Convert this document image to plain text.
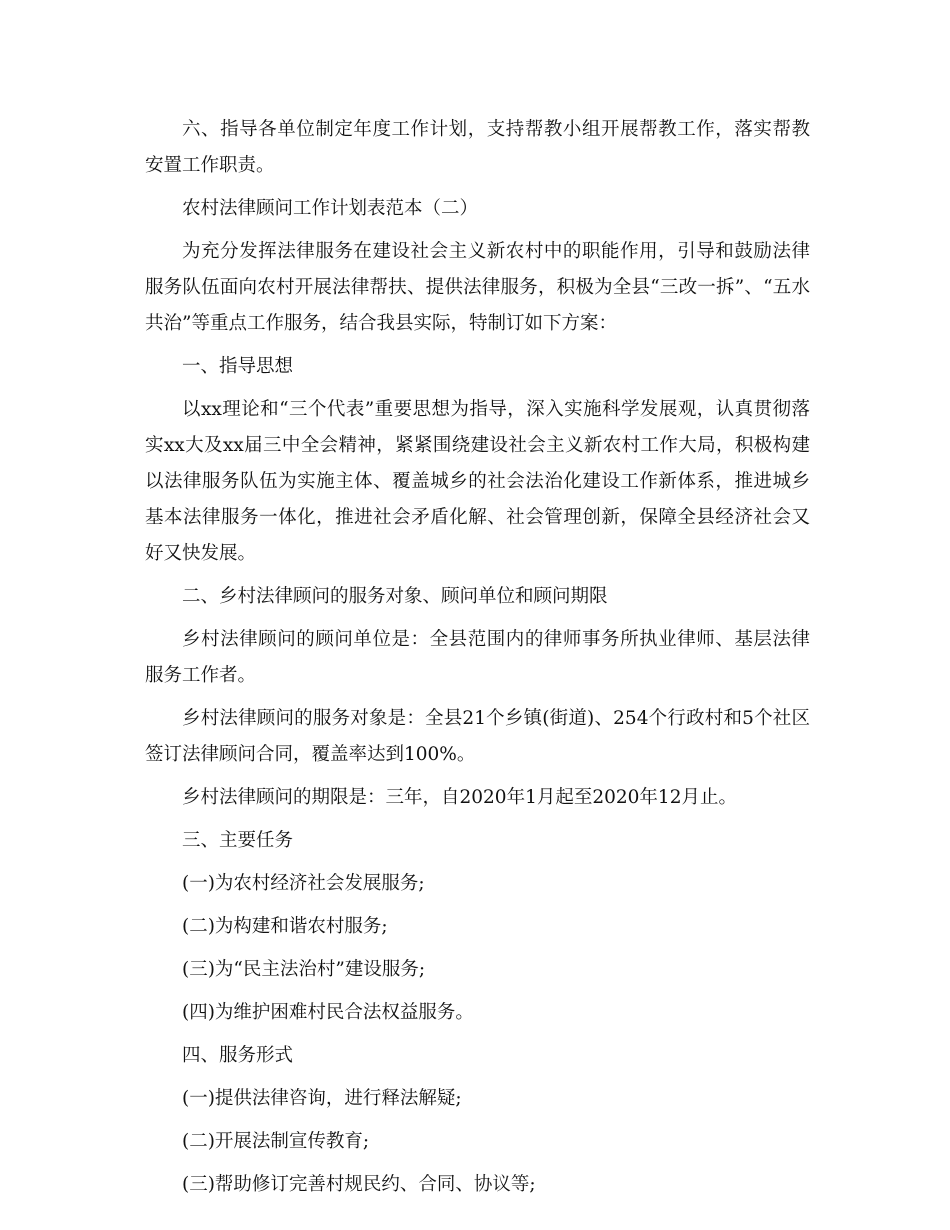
六、指导各单位制定年度工作计划，支持帮教小组开展帮教工作，落实帮教安置工作职责。

农村法律顾问工作计划表范本（二）

为充分发挥法律服务在建设社会主义新农村中的职能作用，引导和鼓励法律服务队伍面向农村开展法律帮扶、提供法律服务，积极为全县“三改一拆”、“五水共治”等重点工作服务，结合我县实际，特制订如下方案：

一、指导思想

以xx理论和“三个代表”重要思想为指导，深入实施科学发展观，认真贯彻落实xx大及xx届三中全会精神，紧紧围绕建设社会主义新农村工作大局，积极构建以法律服务队伍为实施主体、覆盖城乡的社会法治化建设工作新体系，推进城乡基本法律服务一体化，推进社会矛盾化解、社会管理创新，保障全县经济社会又好又快发展。

二、乡村法律顾问的服务对象、顾问单位和顾问期限

乡村法律顾问的顾问单位是：全县范围内的律师事务所执业律师、基层法律服务工作者。

乡村法律顾问的服务对象是：全县21个乡镇(街道)、254个行政村和5个社区签订法律顾问合同，覆盖率达到100%。

乡村法律顾问的期限是：三年，自2020年1月起至2020年12月止。

三、主要任务

(一)为农村经济社会发展服务;

(二)为构建和谐农村服务;

(三)为“民主法治村”建设服务;

(四)为维护困难村民合法权益服务。

四、服务形式

(一)提供法律咨询，进行释法解疑;

(二)开展法制宣传教育;

(三)帮助修订完善村规民约、合同、协议等;
